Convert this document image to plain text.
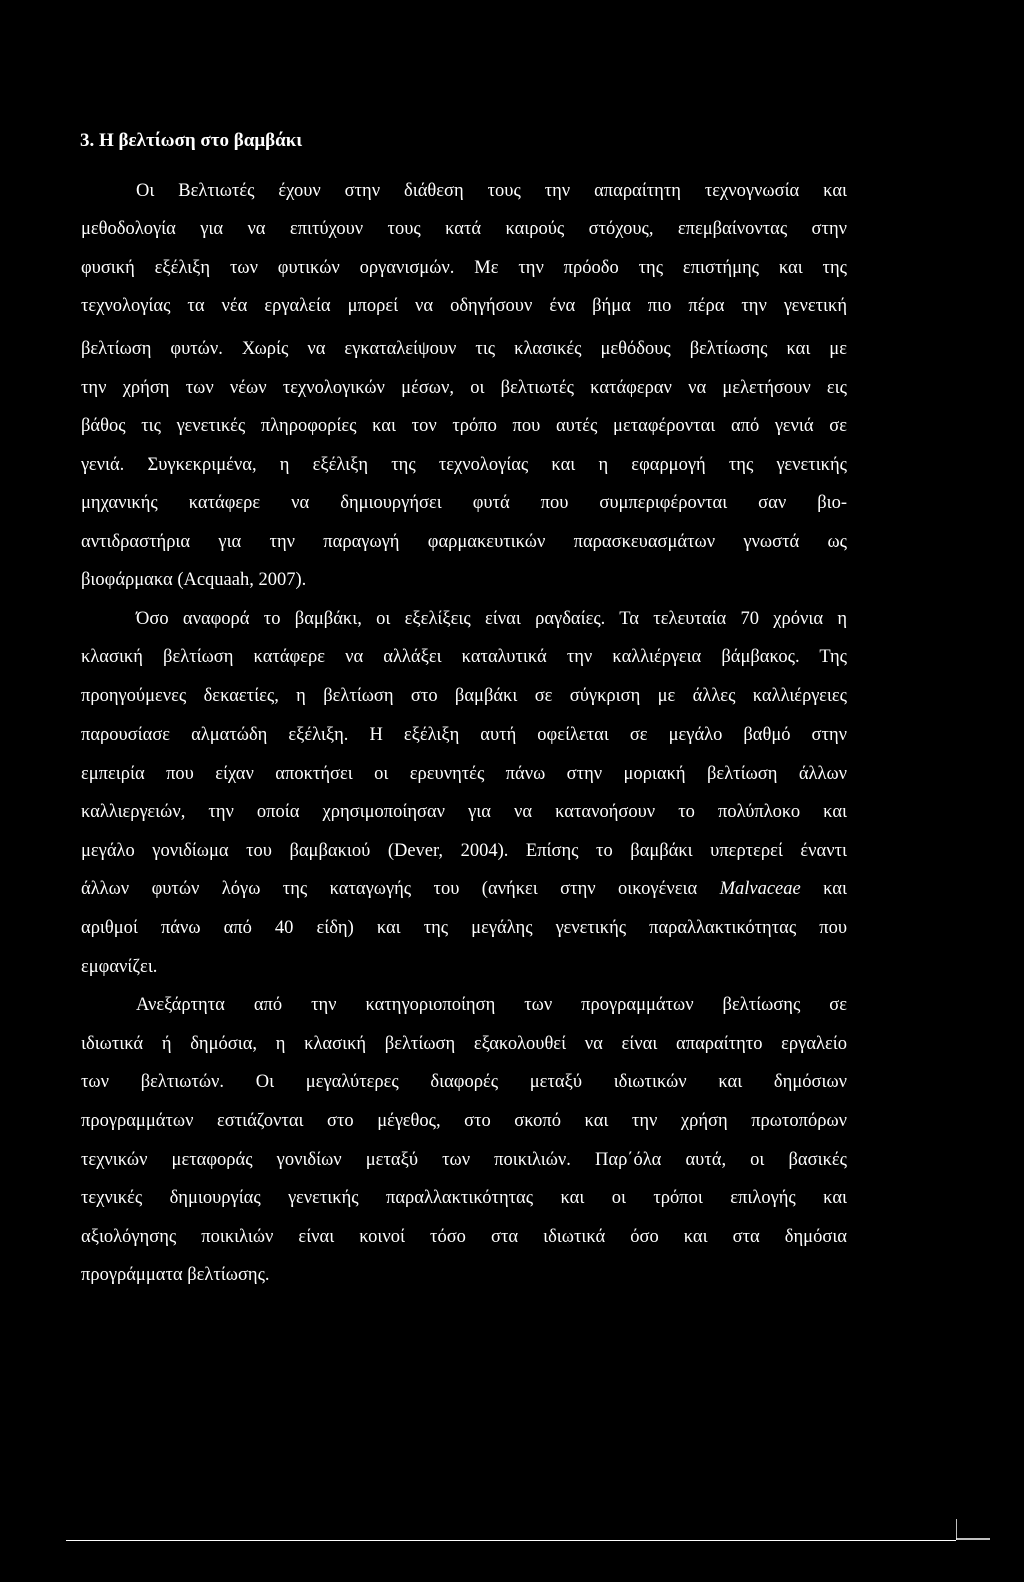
3. Η βελτίωση στο βαμβάκι
Οι Βελτιωτές έχουν στην διάθεση τους την απαραίτητη τεχνογνωσία και
μεθοδολογία για να επιτύχουν τους κατά καιρούς στόχους, επεμβαίνοντας στην
φυσική εξέλιξη των φυτικών οργανισμών. Με την πρόοδο της επιστήμης και της
τεχνολογίας τα νέα εργαλεία μπορεί να οδηγήσουν ένα βήμα πιο πέρα την γενετική
βελτίωση φυτών. Χωρίς να εγκαταλείψουν τις κλασικές μεθόδους βελτίωσης και με
την χρήση των νέων τεχνολογικών μέσων, οι βελτιωτές κατάφεραν να μελετήσουν εις
βάθος τις γενετικές πληροφορίες και τον τρόπο που αυτές μεταφέρονται από γενιά σε
γενιά. Συγκεκριμένα, η εξέλιξη της τεχνολογίας και η εφαρμογή της γενετικής
μηχανικής κατάφερε να δημιουργήσει φυτά που συμπεριφέρονται σαν βιο-
αντιδραστήρια για την παραγωγή φαρμακευτικών παρασκευασμάτων γνωστά ως
βιοφάρμακα (Acquaah, 2007).
Όσο αναφορά το βαμβάκι, οι εξελίξεις είναι ραγδαίες. Τα τελευταία 70 χρόνια η
κλασική βελτίωση κατάφερε να αλλάξει καταλυτικά την καλλιέργεια βάμβακος. Της
προηγούμενες δεκαετίες, η βελτίωση στο βαμβάκι σε σύγκριση με άλλες καλλιέργειες
παρουσίασε αλματώδη εξέλιξη. Η εξέλιξη αυτή οφείλεται σε μεγάλο βαθμό στην
εμπειρία που είχαν αποκτήσει οι ερευνητές πάνω στην μοριακή βελτίωση άλλων
καλλιεργειών, την οποία χρησιμοποίησαν για να κατανοήσουν το πολύπλοκο και
μεγάλο γονιδίωμα του βαμβακιού (Dever, 2004). Επίσης το βαμβάκι υπερτερεί έναντι
άλλων φυτών λόγω της καταγωγής του (ανήκει στην οικογένεια Malvaceae και
αριθμοί πάνω από 40 είδη) και της μεγάλης γενετικής παραλλακτικότητας που
εμφανίζει.
Ανεξάρτητα από την κατηγοριοποίηση των προγραμμάτων βελτίωσης σε
ιδιωτικά ή δημόσια, η κλασική βελτίωση εξακολουθεί να είναι απαραίτητο εργαλείο
των βελτιωτών. Οι μεγαλύτερες διαφορές μεταξύ ιδιωτικών και δημόσιων
προγραμμάτων εστιάζονται στο μέγεθος, στο σκοπό και την χρήση πρωτοπόρων
τεχνικών μεταφοράς γονιδίων μεταξύ των ποικιλιών. Παρ΄όλα αυτά, οι βασικές
τεχνικές δημιουργίας γενετικής παραλλακτικότητας και οι τρόποι επιλογής και
αξιολόγησης ποικιλιών είναι κοινοί τόσο στα ιδιωτικά όσο και στα δημόσια
προγράμματα βελτίωσης.
